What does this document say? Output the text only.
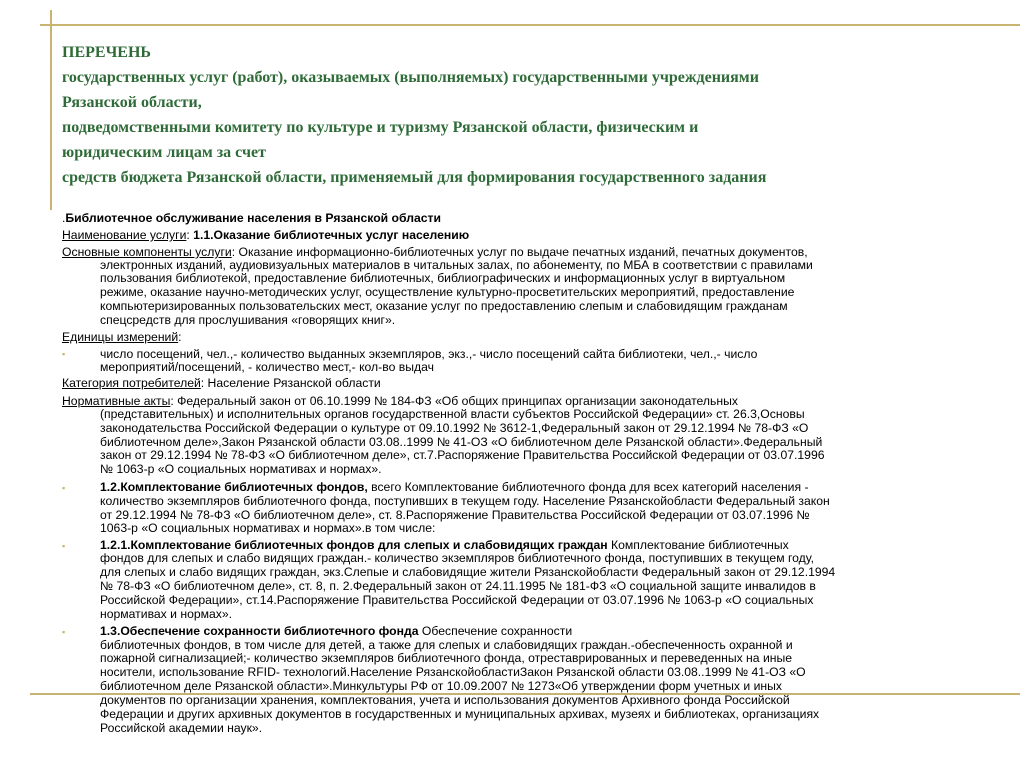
ПЕРЕЧЕНЬ
государственных услуг (работ), оказываемых (выполняемых) государственными учреждениями
Рязанской области,
подведомственными комитету по культуре и туризму Рязанской области, физическим и
юридическим лицам за счет
средств бюджета Рязанской области, применяемый для формирования государственного задания
.Библиотечное обслуживание населения в Рязанской области
Наименование услуги: 1.1.Оказание библиотечных услуг населению
Основные компоненты услуги: Оказание информационно-библиотечных услуг по выдаче печатных изданий, печатных документов,
электронных изданий, аудиовизуальных материалов в читальных залах, по абонементу, по МБА в соответствии с правилами
пользования библиотекой, предоставление библиотечных, библиографических и информационных услуг в виртуальном
режиме, оказание научно-методических услуг, осуществление культурно-просветительских мероприятий, предоставление
компьютеризированных пользовательских мест, оказание услуг по предоставлению слепым и слабовидящим гражданам
спецсредств для прослушивания «говорящих книг».
Единицы измерений:
▪	число посещений, чел.,- количество выданных экземпляров, экз.,- число посещений сайта библиотеки, чел.,- число
мероприятий/посещений, - количество мест,- кол-во выдач
Категория потребителей: Население Рязанской области
Нормативные акты: Федеральный закон от 06.10.1999 № 184-ФЗ «Об общих принципах организации законодательных
(представительных) и исполнительных органов государственной власти субъектов Российской Федерации» ст. 26.3,Основы
законодательства Российской Федерации о культуре от 09.10.1992 № 3612-1,Федеральный закон от 29.12.1994 № 78-ФЗ «О
библиотечном деле»,Закон Рязанской области 03.08..1999 № 41-ОЗ «О библиотечном деле Рязанской области».Федеральный
закон от 29.12.1994 № 78-ФЗ «О библиотечном деле», ст.7.Распоряжение Правительства Российской Федерации от 03.07.1996
№ 1063-р «О социальных нормативах и нормах».
▪	1.2.Комплектование библиотечных фондов, всего Комплектование библиотечного фонда для всех категорий населения -
количество экземпляров библиотечного фонда, поступивших в текущем году. Население Рязанскойобласти Федеральный закон
от 29.12.1994 № 78-ФЗ «О библиотечном деле», ст. 8.Распоряжение Правительства Российской Федерации от 03.07.1996 №
1063-р «О социальных нормативах и нормах».в том числе:
▪	1.2.1.Комплектование библиотечных фондов для слепых и слабовидящих граждан Комплектование библиотечных
фондов для слепых и слабо видящих граждан.- количество экземпляров библиотечного фонда, поступивших в текущем году,
для слепых и слабо видящих граждан, экз.Слепые и слабовидящие жители Рязанскойобласти Федеральный закон от 29.12.1994
№ 78-ФЗ «О библиотечном деле», ст. 8, п. 2.Федеральный закон от 24.11.1995 № 181-ФЗ «О социальной защите инвалидов в
Российской Федерации», ст.14.Распоряжение Правительства Российской Федерации от 03.07.1996 № 1063-р «О социальных
нормативах и нормах».
▪	1.3.Обеспечение сохранности библиотечного фонда Обеспечение сохранности
библиотечных фондов, в том числе для детей, а также для слепых и слабовидящих граждан.-обеспеченность охранной и
пожарной сигнализацией;- количество экземпляров библиотечного фонда, отреставрированных и переведенных на иные
носители, использование RFID- технологий.Население РязанскойобластиЗакон Рязанской области 03.08..1999 № 41-ОЗ «О
библиотечном деле Рязанской области».Минкультуры РФ от 10.09.2007 № 1273«Об утверждении форм учетных и иных
документов по организации хранения, комплектования, учета и использования документов Архивного фонда Российской
Федерации и других архивных документов в государственных и муниципальных архивах, музеях и библиотеках, организациях
Российской академии наук».
